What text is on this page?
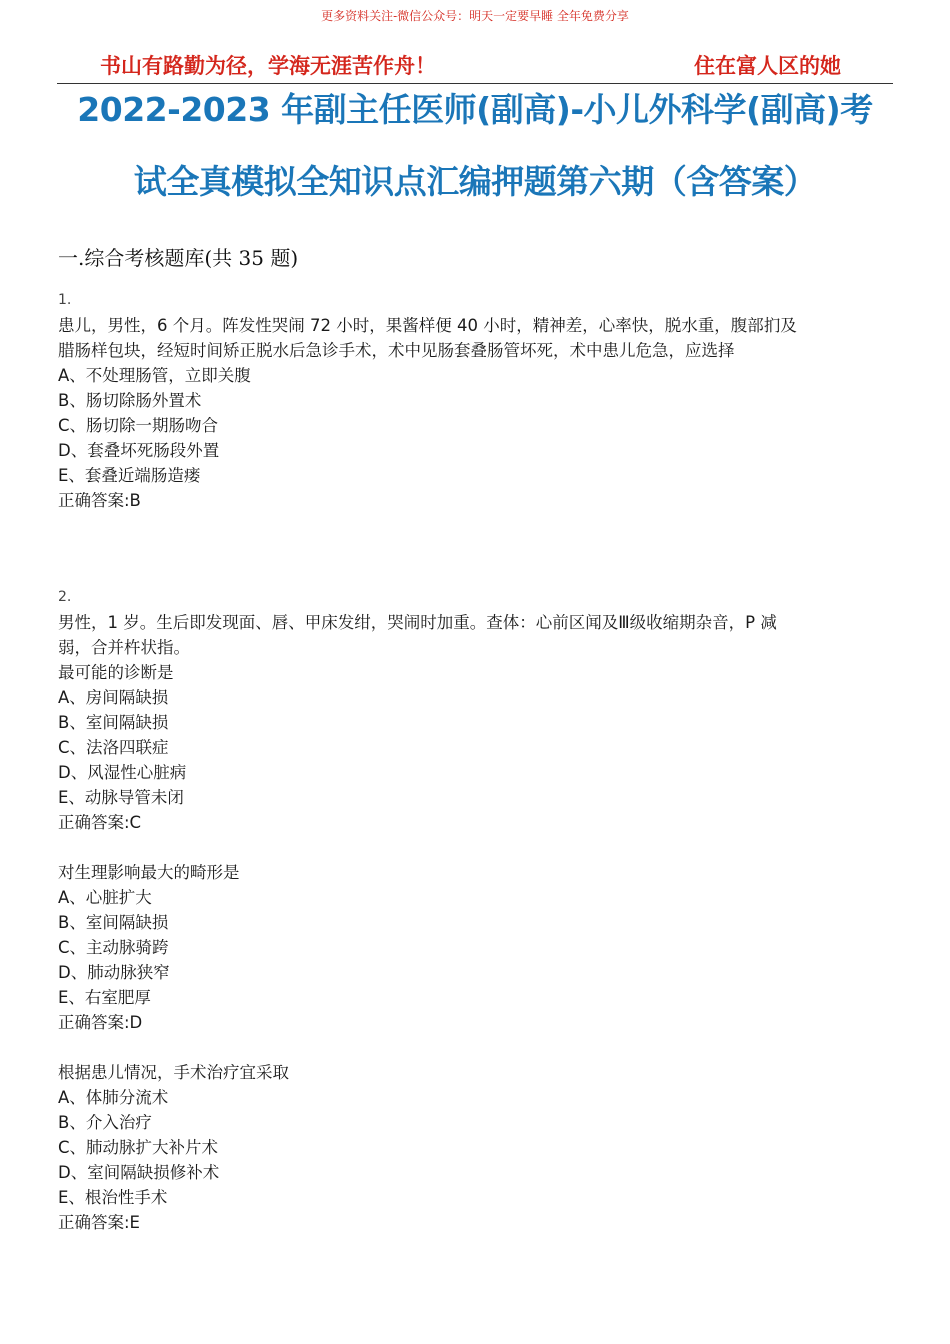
更多资料关注-微信公众号：明天一定要早睡 全年免费分享
书山有路勤为径，学海无涯苦作舟！	住在富人区的她
2022-2023 年副主任医师(副高)-小儿外科学(副高)考
试全真模拟全知识点汇编押题第六期（含答案）
一.综合考核题库(共 35 题)

1.

患儿，男性，6 个月。阵发性哭闹 72 小时，果酱样便 40 小时，精神差，心率快，脱水重，腹部扪及

腊肠样包块，经短时间矫正脱水后急诊手术，术中见肠套叠肠管坏死，术中患儿危急，应选择

A、不处理肠管，立即关腹

B、肠切除肠外置术

C、肠切除一期肠吻合

D、套叠坏死肠段外置

E、套叠近端肠造瘘

正确答案:B

2.

男性，1 岁。生后即发现面、唇、甲床发绀，哭闹时加重。查体：心前区闻及Ⅲ级收缩期杂音，P 减

弱，合并杵状指。

最可能的诊断是

A、房间隔缺损

B、室间隔缺损

C、法洛四联症

D、风湿性心脏病

E、动脉导管未闭

正确答案:C

对生理影响最大的畸形是

A、心脏扩大

B、室间隔缺损

C、主动脉骑跨

D、肺动脉狭窄

E、右室肥厚

正确答案:D

根据患儿情况，手术治疗宜采取

A、体肺分流术

B、介入治疗

C、肺动脉扩大补片术

D、室间隔缺损修补术

E、根治性手术

正确答案:E
